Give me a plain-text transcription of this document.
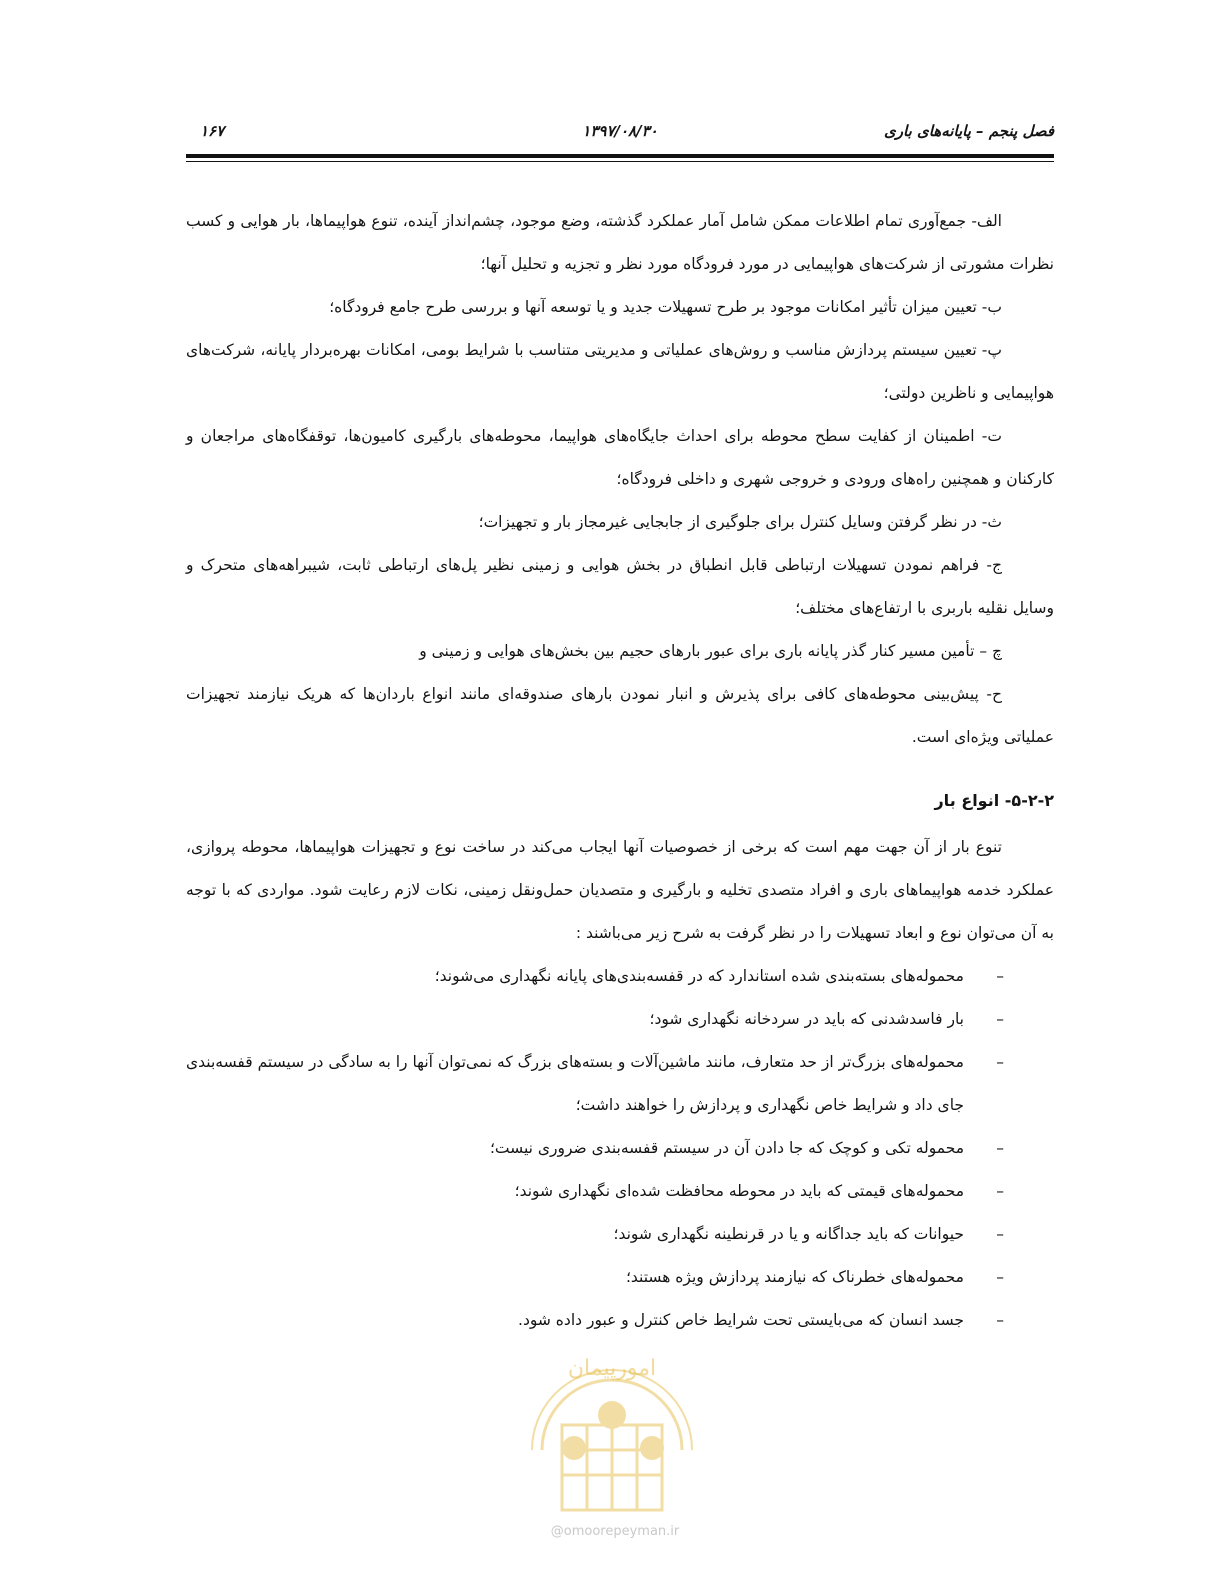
فصل پنجم – پایانه‌های باری
۱۳۹۷/۰۸/۳۰
۱۶۷

الف- جمع‌آوری تمام اطلاعات ممکن شامل آمار عملکرد گذشته، وضع موجود، چشم‌انداز آینده، تنوع هواپیماها، بار هوایی و کسب نظرات مشورتی از شرکت‌های هواپیمایی در مورد فرودگاه مورد نظر و تجزیه و تحلیل آنها؛

ب- تعیین میزان تأثیر امکانات موجود بر طرح تسهیلات جدید و یا توسعه آنها و بررسی طرح جامع فرودگاه؛

پ- تعیین سیستم پردازش مناسب و روش‌های عملیاتی و مدیریتی متناسب با شرایط بومی، امکانات بهره‌بردار پایانه، شرکت‌های هواپیمایی و ناظرین دولتی؛

ت- اطمینان از کفایت سطح محوطه برای احداث جایگاه‌های هواپیما، محوطه‌های بارگیری کامیون‌ها، توقفگاه‌های مراجعان و کارکنان و همچنین راه‌های ورودی و خروجی شهری و داخلی فرودگاه؛

ث- در نظر گرفتن وسایل کنترل برای جلوگیری از جابجایی غیرمجاز بار و تجهیزات؛

ج- فراهم نمودن تسهیلات ارتباطی قابل انطباق در بخش هوایی و زمینی نظیر پل‌های ارتباطی ثابت، شیبراهه‌های متحرک و وسایل نقلیه باربری با ارتفاع‌های مختلف؛

چ – تأمین مسیر کنار گذر پایانه باری برای عبور بارهای حجیم بین بخش‌های هوایی و زمینی و

ح- پیش‌بینی محوطه‌های کافی برای پذیرش و انبار نمودن بارهای صندوقه‌ای مانند انواع باردان‌ها که هریک نیازمند تجهیزات عملیاتی ویژه‌ای است.

۵-۲-۲- انواع بار

تنوع بار از آن جهت مهم است که برخی از خصوصیات آنها ایجاب می‌کند در ساخت نوع و تجهیزات هواپیماها، محوطه پروازی، عملکرد خدمه هواپیماهای باری و افراد متصدی تخلیه و بارگیری و متصدیان حمل‌ونقل زمینی، نکات لازم رعایت شود. مواردی که با توجه به آن می‌توان نوع و ابعاد تسهیلات را در نظر گرفت به شرح زیر می‌باشند :

–
محموله‌های بسته‌بندی شده استاندارد که در قفسه‌بندی‌های پایانه نگهداری می‌شوند؛
–
بار فاسدشدنی که باید در سردخانه نگهداری شود؛
–
محموله‌های بزرگ‌تر از حد متعارف، مانند ماشین‌آلات و بسته‌های بزرگ که نمی‌توان آنها را به سادگی در سیستم قفسه‌بندی جای داد و شرایط خاص نگهداری و پردازش را خواهند داشت؛
–
محموله تکی و کوچک که جا دادن آن در سیستم قفسه‌بندی ضروری نیست؛
–
محموله‌های قیمتی که باید در محوطه محافظت شده‌ای نگهداری شوند؛
–
حیوانات که باید جداگانه و یا در قرنطینه نگهداری شوند؛
–
محموله‌های خطرناک که نیازمند پردازش ویژه هستند؛
–
جسد انسان که می‌بایستی تحت شرایط خاص کنترل و عبور داده شود.
امورپیمان
@omoorepeyman.ir
